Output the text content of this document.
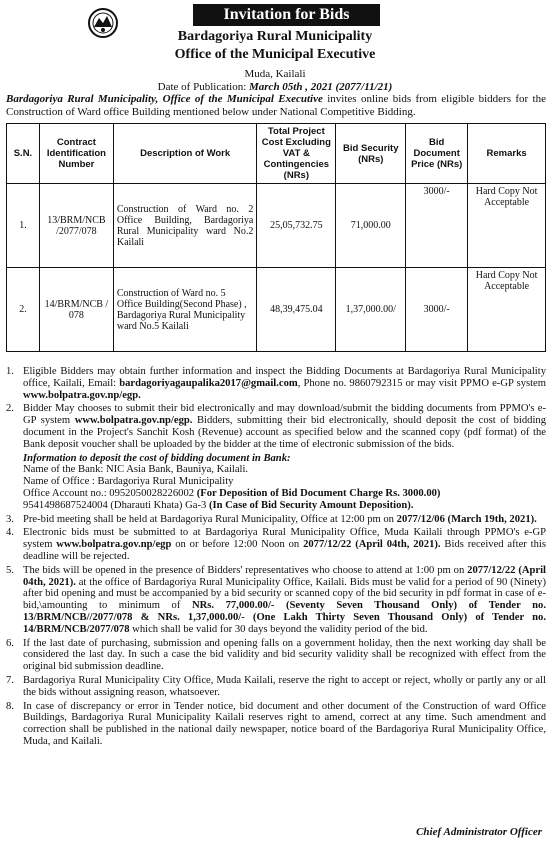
Invitation for Bids
Bardagoriya Rural Municipality
Office of the Municipal Executive
Muda, Kailali
Date of Publication: March 05th , 2021 (2077/11/21)
Bardagoriya Rural Municipality, Office of the Municipal Executive invites online bids from eligible bidders for the Construction of Ward office Building mentioned below under National Competitive Bidding.
S.N.	Contract Identification Number	Description of Work	Total Project Cost Excluding VAT & Contingencies (NRs)	Bid Security (NRs)	Bid Document Price (NRs)	Remarks
1.	13/BRM/NCB /2077/078	Construction of Ward no. 2 Office Building, Bardagoriya Rural Municipality ward No.2 Kailali	25,05,732.75	71,000.00	3000/-	Hard Copy Not Acceptable
2.	14/BRM/NCB / 078	Construction of Ward no. 5 Office Building(Second Phase) , Bardagoriya Rural Municipality ward No.5 Kailali	48,39,475.04	1,37,000.00/	3000/-	Hard Copy Not Acceptable
1. Eligible Bidders may obtain further information and inspect the Bidding Documents at Bardagoriya Rural Municipality office, Kailali, Email: bardagoriyagaupalika2017@gmail.com, Phone no. 9860792315 or may visit PPMO e-GP system www.bolpatra.gov.np/egp.
2. Bidder May chooses to submit their bid electronically and may download/submit the bidding documents from PPMO's e-GP system www.bolpatra.gov.np/egp. Bidders, submitting their bid electronically, should deposit the cost of bidding document in the Project's Sanchit Kosh (Revenue) account as specified below and the scanned copy (pdf format) of the Bank deposit voucher shall be uploaded by the bidder at the time of electronic submission of the bids.
Information to deposit the cost of bidding document in Bank:
Name of the Bank: NIC Asia Bank, Bauniya, Kailali.
Name of Office : Bardagoriya Rural Municipality
Office Account no.: 0952050028226002 (For Deposition of Bid Document Charge Rs. 3000.00)
9541498687524004 (Dharauti Khata) Ga-3 (In Case of Bid Security Amount Deposition).
3. Pre-bid meeting shall be held at Bardagoriya Rural Municipality, Office at 12:00 pm on 2077/12/06 (March 19th, 2021).
4. Electronic bids must be submitted to at Bardagoriya Rural Municipality Office, Muda Kailali through PPMO's e-GP system www.bolpatra.gov.np/egp on or before 12:00 Noon on 2077/12/22 (April 04th, 2021). Bids received after this deadline will be rejected.
5. The bids will be opened in the presence of Bidders' representatives who choose to attend at 1:00 pm on 2077/12/22 (April 04th, 2021). at the office of Bardagoriya Rural Municipality Office, Kailali. Bids must be valid for a period of 90 (Ninety) after bid opening and must be accompanied by a bid security or scanned copy of the bid security in pdf format in case of e-bid,\amounting to minimum of NRs. 77,000.00/- (Seventy Seven Thousand Only) of Tender no. 13/BRM/NCB//2077/078 & NRs. 1,37,000.00/- (One Lakh Thirty Seven Thousand Only) of Tender no. 14/BRM/NCB/2077/078 which shall be valid for 30 days beyond the validity period of the bid.
6. If the last date of purchasing, submission and opening falls on a government holiday, then the next working day shall be considered the last day. In such a case the bid validity and bid security validity shall be recognized with effect from the original bid submission deadline.
7. Bardagoriya Rural Municipality City Office, Muda Kailali, reserve the right to accept or reject, wholly or partly any or all the bids without assigning reason, whatsoever.
8. In case of discrepancy or error in Tender notice, bid document and other document of the Construction of ward Office Buildings, Bardagoriya Rural Municipality Kailali reserves right to amend, correct at any time. Such amendment and correction shall be published in the national daily newspaper, notice board of the Bardagoriya Rural Municipality Office, Muda, and Kailali.
Chief Administrator Officer
